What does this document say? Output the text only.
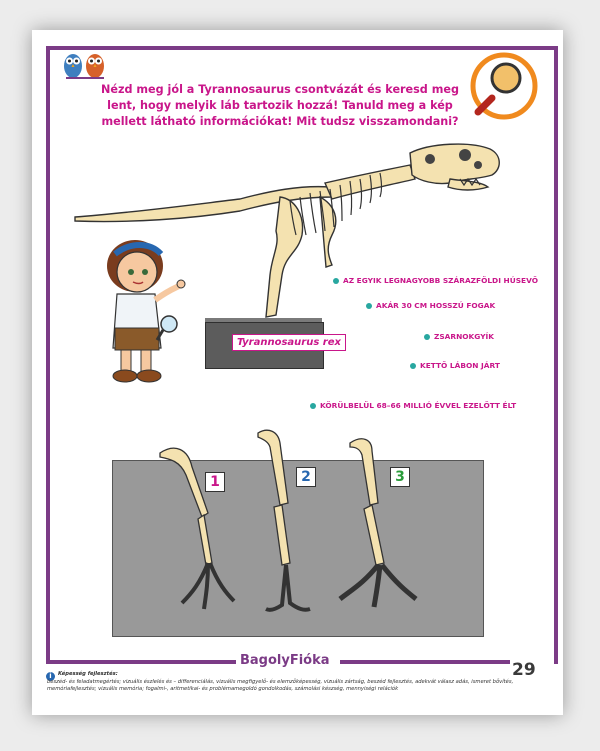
Nézd meg jól a Tyrannosaurus csontvázát és keresd meg lent, hogy melyik láb tartozik hozzá! Tanuld meg a kép mellett látható információkat! Mit tudsz visszamondani?
Tyrannosaurus rex
AZ EGYIK LEGNAGYOBB SZÁRAZFÖLDI HÚSEVŐ
AKÁR 30 CM HOSSZÚ FOGAK
ZSARNOKGYÍK
KETTŐ LÁBON JÁRT
KÖRÜLBELÜL 68–66 MILLIÓ ÉVVEL EZELŐTT ÉLT
1	2	3
BagolyFióka	29
i	Képesség fejlesztés:
beszéd- és feladatmegértés; vizuális észlelés és – differenciálás, vizuális megfigyelő- és elemzőképesség, vizuális zártság, beszéd fejlesztés, adekvát válasz adás, ismeret bővítés, memóriafejlesztés; vizuális memória; fogalmi-, aritmetikai- és problémamegoldó gondolkodás, számolási készség, mennyiségi relációk
